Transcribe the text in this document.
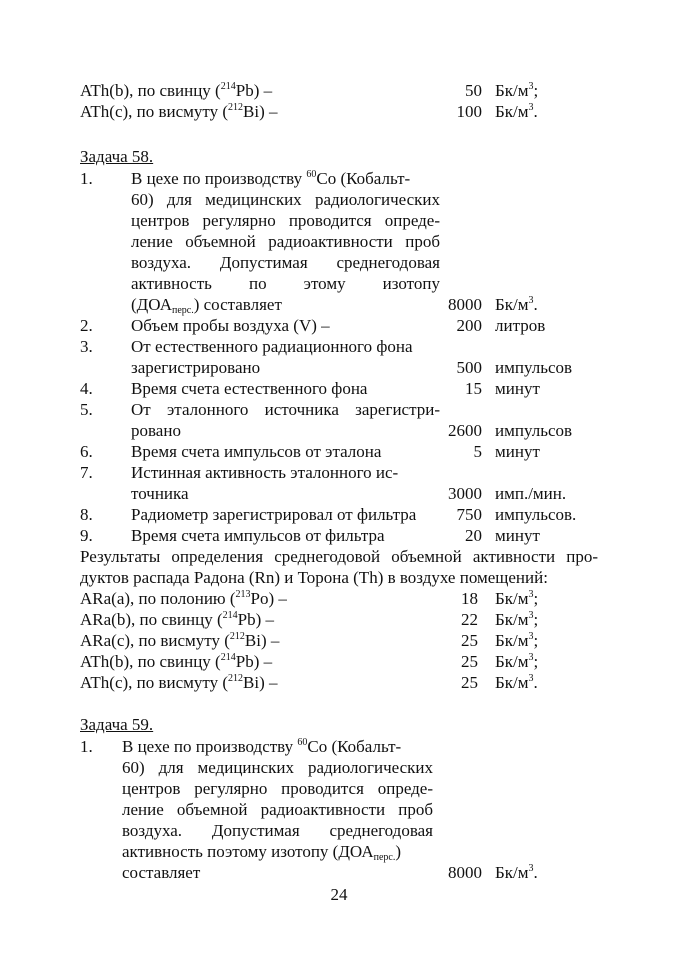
ATh(b), по свинцу ($^{214}$Pb) –	50 $Бк/м^3$;
ATh(c), по висмуту ($^{212}$Bi) –	100 $Бк/м^3$.
Задача 58.
1. В цехе по производству $^{60}$Co (Кобальт-
60) для медицинских радиологических
центров регулярно проводится опреде-
ление объемной радиоактивности проб
воздуха. Допустимая среднегодовая
активность по этому изотопу
$(ДОА_{перс.})$ составляет	8000 $Бк/м^3$.
2. Объем пробы воздуха (V) –	200 литров
3. От естественного радиационного фона
зарегистрировано	500 импульсов
4. Время счета естественного фона	15 минут
5. От эталонного источника зарегистри-
ровано	2600 импульсов
6. Время счета импульсов от эталона	5 минут
7. Истинная активность эталонного ис-
точника	3000 имп./мин.
8. Радиометр зарегистрировал от фильтра 750 импульсов.
9. Время счета импульсов от фильтра	20 минут
Результаты определения среднегодовой объемной активности про-
дуктов распада Радона (Rn) и Торона (Th) в воздухе помещений:
ARa(a), по полонию ($^{213}$Po) –	18 $Бк/м^3$;
ARa(b), по свинцу ($^{214}$Pb) –	22 $Бк/м^3$;
ARa(c), по висмуту ($^{212}$Bi) –	25 $Бк/м^3$;
ATh(b), по свинцу ($^{214}$Pb) –	25 $Бк/м^3$;
ATh(c), по висмуту ($^{212}$Bi) –	25 $Бк/м^3$.
Задача 59.
1. В цехе по производству $^{60}$Co (Кобальт-
60) для медицинских радиологических
центров регулярно проводится опреде-
ление объемной радиоактивности проб
воздуха. Допустимая среднегодовая
активность поэтому изотопу $(ДОА_{перс.})$
составляет	8000 $Бк/м^3$.
24
